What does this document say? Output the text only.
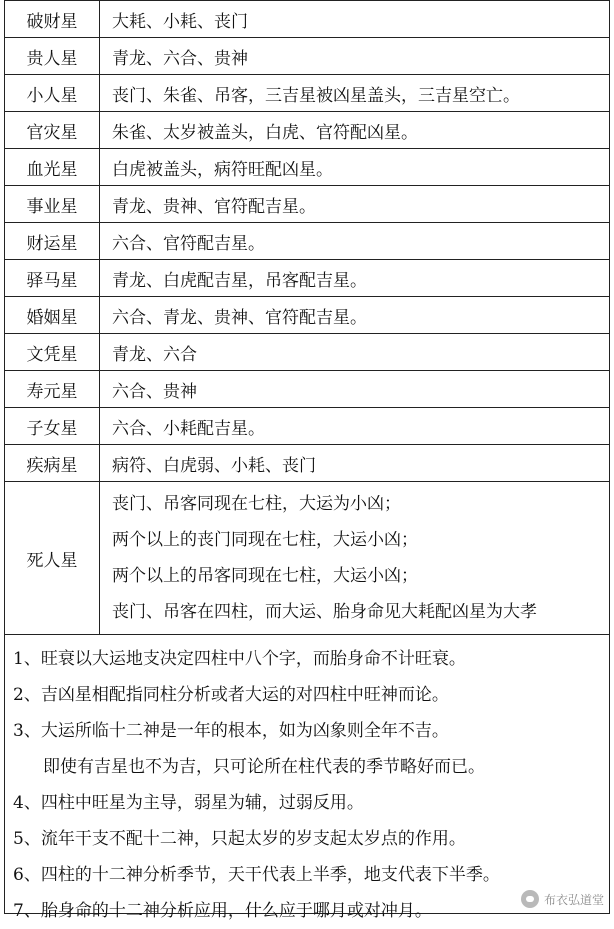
破财星	大耗、小耗、丧门
贵人星	青龙、六合、贵神
小人星	丧门、朱雀、吊客，三吉星被凶星盖头，三吉星空亡。
官灾星	朱雀、太岁被盖头，白虎、官符配凶星。
血光星	白虎被盖头，病符旺配凶星。
事业星	青龙、贵神、官符配吉星。
财运星	六合、官符配吉星。
驿马星	青龙、白虎配吉星，吊客配吉星。
婚姻星	六合、青龙、贵神、官符配吉星。
文凭星	青龙、六合
寿元星	六合、贵神
子女星	六合、小耗配吉星。
疾病星	病符、白虎弱、小耗、丧门
死人星	丧门、吊客同现在七柱，大运为小凶；
两个以上的丧门同现在七柱，大运小凶；
两个以上的吊客同现在七柱，大运小凶；
丧门、吊客在四柱，而大运、胎身命见大耗配凶星为大孝
1、旺衰以大运地支决定四柱中八个字，而胎身命不计旺衰。
2、吉凶星相配指同柱分析或者大运的对四柱中旺神而论。
3、大运所临十二神是一年的根本，如为凶象则全年不吉。
即使有吉星也不为吉，只可论所在柱代表的季节略好而已。
4、四柱中旺星为主导，弱星为辅，过弱反用。
5、流年干支不配十二神，只起太岁的岁支起太岁点的作用。
6、四柱的十二神分析季节，天干代表上半季，地支代表下半季。
7、胎身命的十二神分析应用，什么应于哪月或对冲月。
布衣弘道堂
